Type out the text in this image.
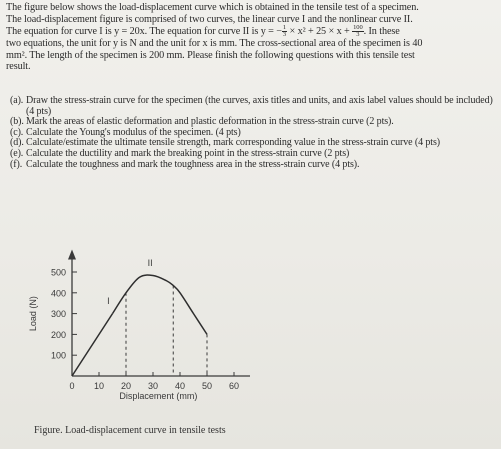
The figure below shows the load-displacement curve which is obtained in the tensile test of a specimen.

The load-displacement figure is comprised of two curves, the linear curve I and the nonlinear curve II.

The equation for curve I is y = 20x. The equation for curve II is y = − $\frac{1}{3} \times x^2 + 25 \times x + \frac{100}{3}$ . In these

two equations, the unit for y is N and the unit for x is mm. The cross-sectional area of the specimen is 40

mm². The length of the specimen is 200 mm. Please finish the following questions with this tensile test

result.

(a). Draw the stress-strain curve for the specimen (the curves, axis titles and units, and axis label values should be included) (4 pts)

(b). Mark the areas of elastic deformation and plastic deformation in the stress-strain curve (2 pts).

(c). Calculate the Young's modulus of the specimen. (4 pts)

(d). Calculate/estimate the ultimate tensile strength, mark corresponding value in the stress-strain curve (4 pts)

(e). Calculate the ductility and mark the breaking point in the stress-strain curve (2 pts)

(f). Calculate the toughness and mark the toughness area in the stress-strain curve (4 pts).

100
200
300
400
500
0 10 20 30 40 50 60
Displacement (mm)
Load (N)	I
II
Figure. Load-displacement curve in tensile tests
